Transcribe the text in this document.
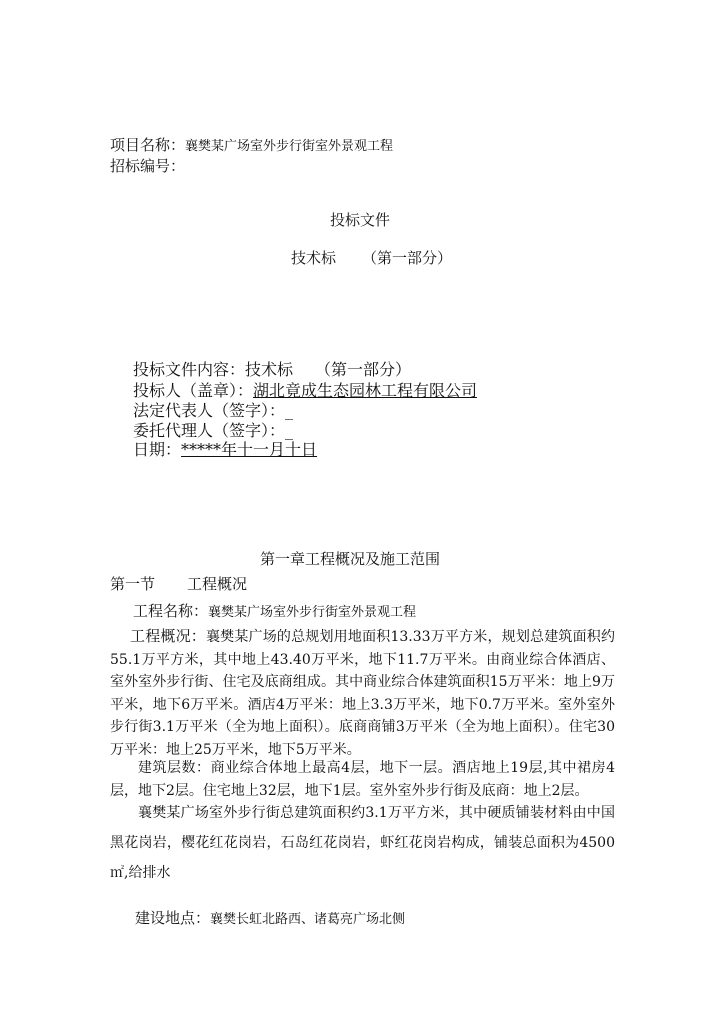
项目名称：襄樊某广场室外步行街室外景观工程
招标编号：
投标文件
技术标 （第一部分）
投标文件内容：技术标 （第一部分）
投标人（盖章）：湖北竟成生态园林工程有限公司
法定代表人（签字）：_
委托代理人（签字）：_
日期：*****年十一月十日
第一章工程概况及施工范围
第一节 工程概况
工程名称：襄樊某广场室外步行街室外景观工程
工程概况：襄樊某广场的总规划用地面积13.33万平方米，规划总建筑面积约55.1万平方米，其中地上43.40万平米，地下11.7万平米。由商业综合体酒店、室外室外步行街、住宅及底商组成。其中商业综合体建筑面积15万平米：地上9万平米，地下6万平米。酒店4万平米：地上3.3万平米，地下0.7万平米。室外室外步行街3.1万平米（全为地上面积）。底商商铺3万平米（全为地上面积）。住宅30万平米：地上25万平米，地下5万平米。
建筑层数：商业综合体地上最高4层，地下一层。酒店地上19层,其中裙房4层，地下2层。住宅地上32层，地下1层。室外室外步行街及底商：地上2层。
襄樊某广场室外步行街总建筑面积约3.1万平方米，其中硬质铺装材料由中国黑花岗岩，樱花红花岗岩，石岛红花岗岩，虾红花岗岩构成，铺装总面积为4500㎡,给排水
建设地点：襄樊长虹北路西、诸葛亮广场北侧
